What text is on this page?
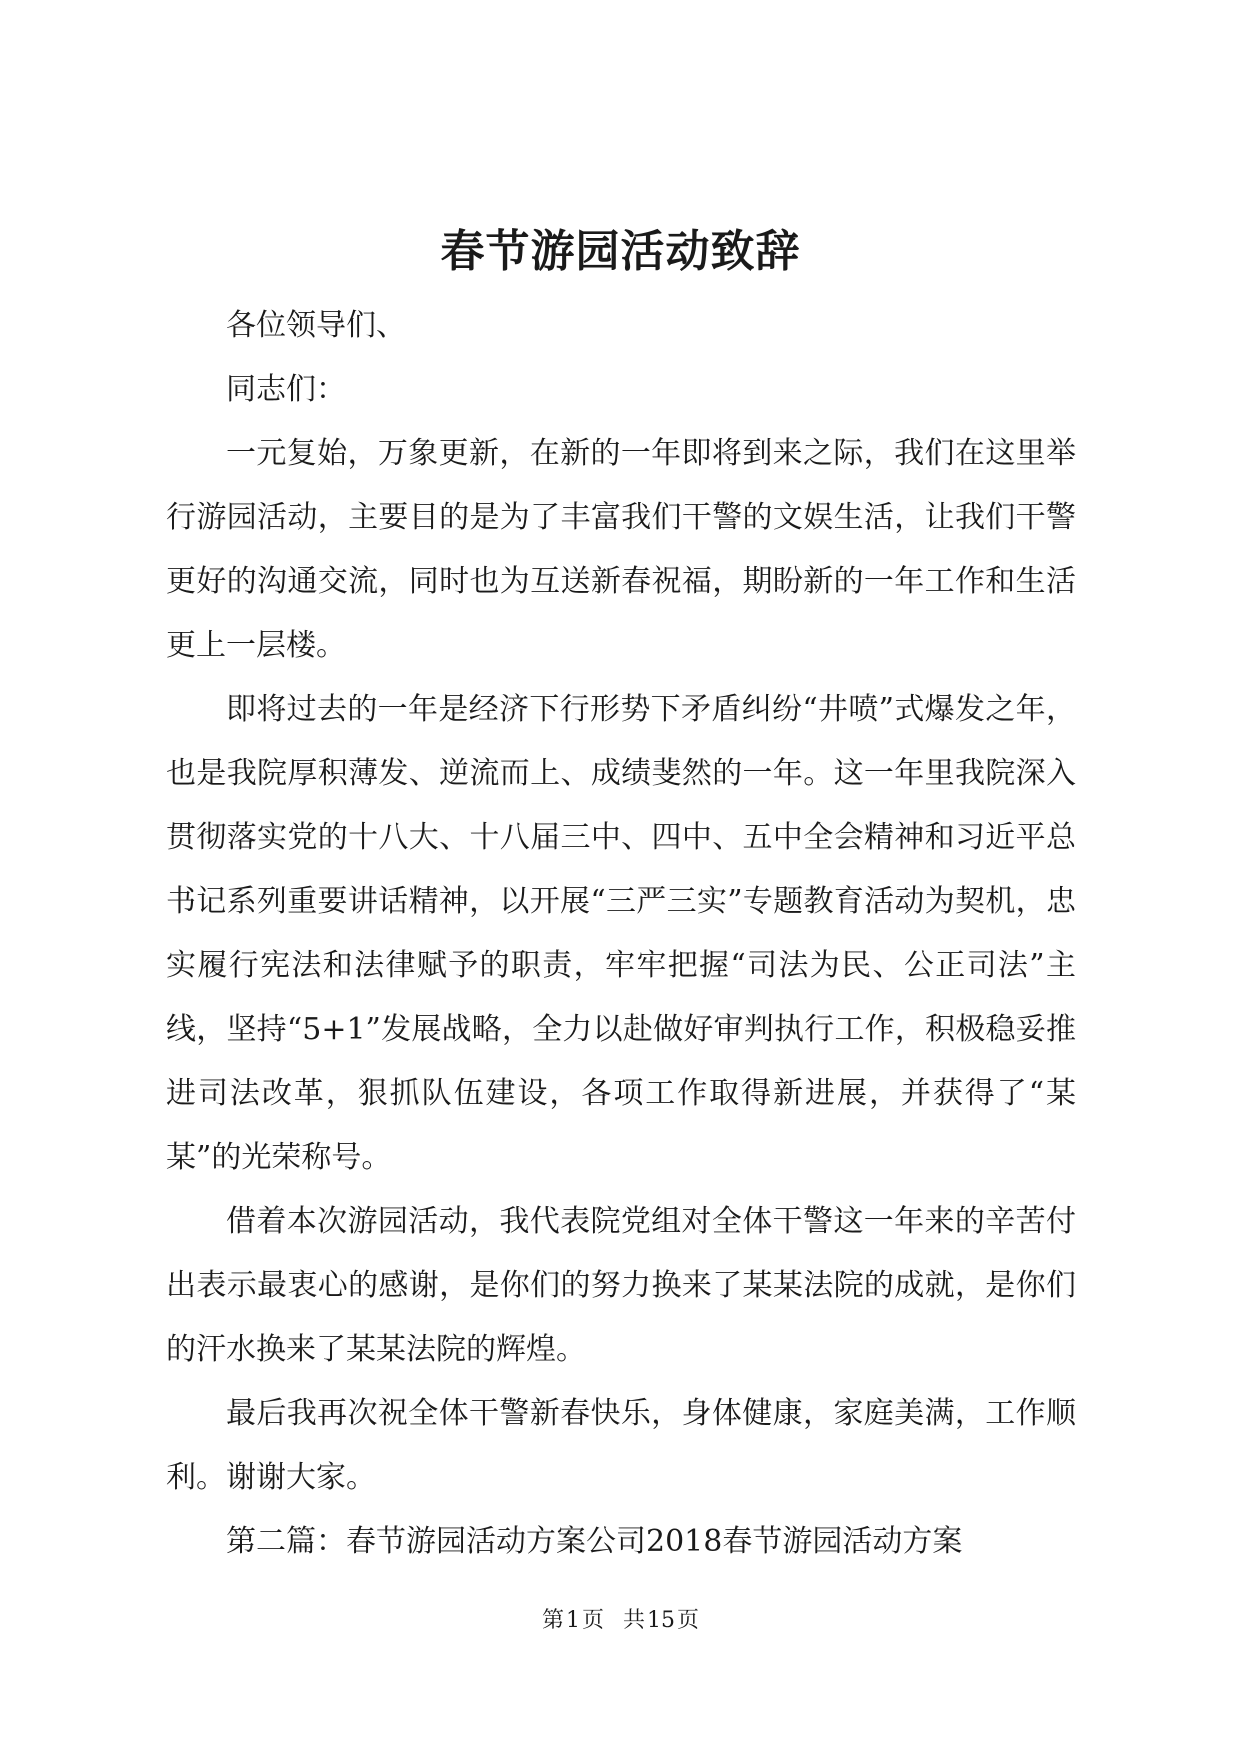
春节游园活动致辞

各位领导们、

同志们：

一元复始，万象更新，在新的一年即将到来之际，我们在这里举行游园活动，主要目的是为了丰富我们干警的文娱生活，让我们干警更好的沟通交流，同时也为互送新春祝福，期盼新的一年工作和生活更上一层楼。

即将过去的一年是经济下行形势下矛盾纠纷“井喷”式爆发之年，也是我院厚积薄发、逆流而上、成绩斐然的一年。这一年里我院深入贯彻落实党的十八大、十八届三中、四中、五中全会精神和习近平总书记系列重要讲话精神，以开展“三严三实”专题教育活动为契机，忠实履行宪法和法律赋予的职责，牢牢把握“司法为民、公正司法”主线，坚持“5+1”发展战略，全力以赴做好审判执行工作，积极稳妥推进司法改革，狠抓队伍建设，各项工作取得新进展，并获得了“某某”的光荣称号。

借着本次游园活动，我代表院党组对全体干警这一年来的辛苦付出表示最衷心的感谢，是你们的努力换来了某某法院的成就，是你们的汗水换来了某某法院的辉煌。

最后我再次祝全体干警新春快乐，身体健康，家庭美满，工作顺利。谢谢大家。

第二篇：春节游园活动方案公司2018春节游园活动方案

第1页 共15页
